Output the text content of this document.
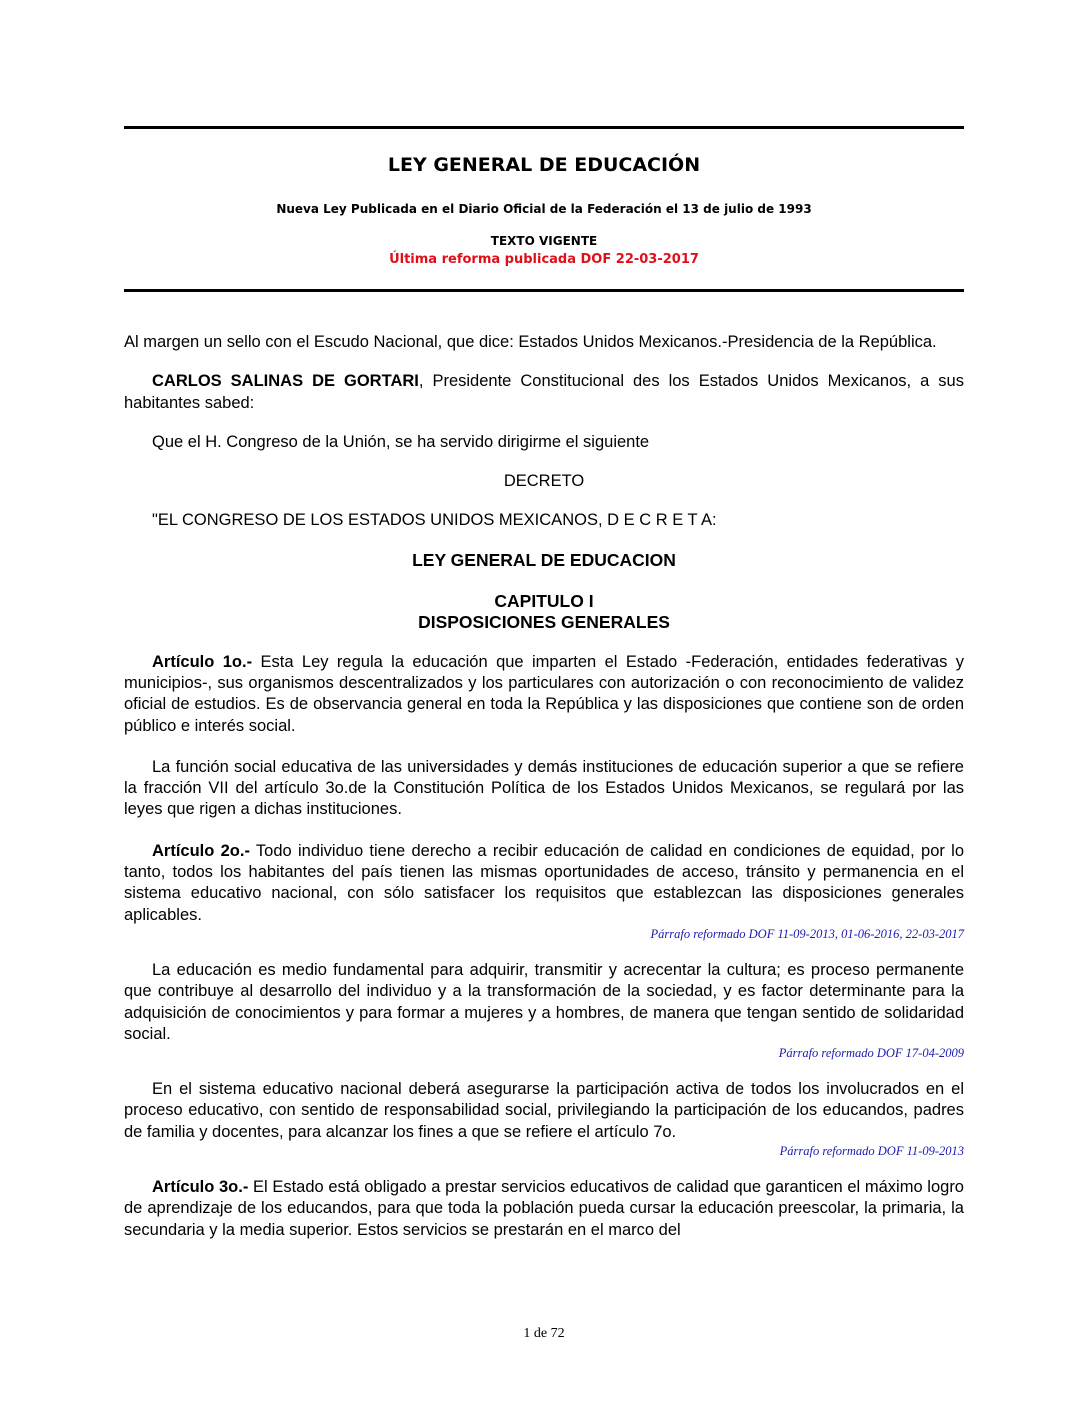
LEY GENERAL DE EDUCACIÓN
Nueva Ley Publicada en el Diario Oficial de la Federación el 13 de julio de 1993
TEXTO VIGENTE
Última reforma publicada DOF 22-03-2017

Al margen un sello con el Escudo Nacional, que dice: Estados Unidos Mexicanos.-Presidencia de la República.

CARLOS SALINAS DE GORTARI, Presidente Constitucional des los Estados Unidos Mexicanos, a sus habitantes sabed:

Que el H. Congreso de la Unión, se ha servido dirigirme el siguiente

DECRETO

"EL CONGRESO DE LOS ESTADOS UNIDOS MEXICANOS, D E C R E T A:

LEY GENERAL DE EDUCACION

CAPITULO I

DISPOSICIONES GENERALES

Artículo 1o.- Esta Ley regula la educación que imparten el Estado -Federación, entidades federativas y municipios-, sus organismos descentralizados y los particulares con autorización o con reconocimiento de validez oficial de estudios. Es de observancia general en toda la República y las disposiciones que contiene son de orden público e interés social.

La función social educativa de las universidades y demás instituciones de educación superior a que se refiere la fracción VII del artículo 3o.de la Constitución Política de los Estados Unidos Mexicanos, se regulará por las leyes que rigen a dichas instituciones.

Artículo 2o.- Todo individuo tiene derecho a recibir educación de calidad en condiciones de equidad, por lo tanto, todos los habitantes del país tienen las mismas oportunidades de acceso, tránsito y permanencia en el sistema educativo nacional, con sólo satisfacer los requisitos que establezcan las disposiciones generales aplicables.

Párrafo reformado DOF 11-09-2013, 01-06-2016, 22-03-2017

La educación es medio fundamental para adquirir, transmitir y acrecentar la cultura; es proceso permanente que contribuye al desarrollo del individuo y a la transformación de la sociedad, y es factor determinante para la adquisición de conocimientos y para formar a mujeres y a hombres, de manera que tengan sentido de solidaridad social.

Párrafo reformado DOF 17-04-2009

En el sistema educativo nacional deberá asegurarse la participación activa de todos los involucrados en el proceso educativo, con sentido de responsabilidad social, privilegiando la participación de los educandos, padres de familia y docentes, para alcanzar los fines a que se refiere el artículo 7o.

Párrafo reformado DOF 11-09-2013

Artículo 3o.- El Estado está obligado a prestar servicios educativos de calidad que garanticen el máximo logro de aprendizaje de los educandos, para que toda la población pueda cursar la educación preescolar, la primaria, la secundaria y la media superior. Estos servicios se prestarán en el marco del

1 de 72
